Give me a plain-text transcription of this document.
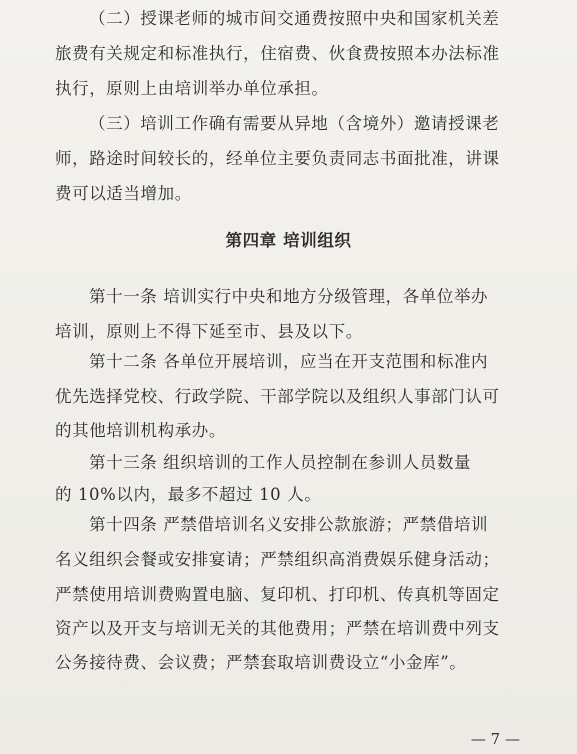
（二）授课老师的城市间交通费按照中央和国家机关差
旅费有关规定和标准执行，住宿费、伙食费按照本办法标准
执行，原则上由培训举办单位承担。
（三）培训工作确有需要从异地（含境外）邀请授课老
师，路途时间较长的，经单位主要负责同志书面批准，讲课
费可以适当增加。
第四章 培训组织
第十一条 培训实行中央和地方分级管理，各单位举办
培训，原则上不得下延至市、县及以下。
第十二条 各单位开展培训，应当在开支范围和标准内
优先选择党校、行政学院、干部学院以及组织人事部门认可
的其他培训机构承办。
第十三条 组织培训的工作人员控制在参训人员数量
的 10%以内，最多不超过 10 人。
第十四条 严禁借培训名义安排公款旅游；严禁借培训
名义组织会餐或安排宴请；严禁组织高消费娱乐健身活动；
严禁使用培训费购置电脑、复印机、打印机、传真机等固定
资产以及开支与培训无关的其他费用；严禁在培训费中列支
公务接待费、会议费；严禁套取培训费设立“小金库”。
— 7 —
